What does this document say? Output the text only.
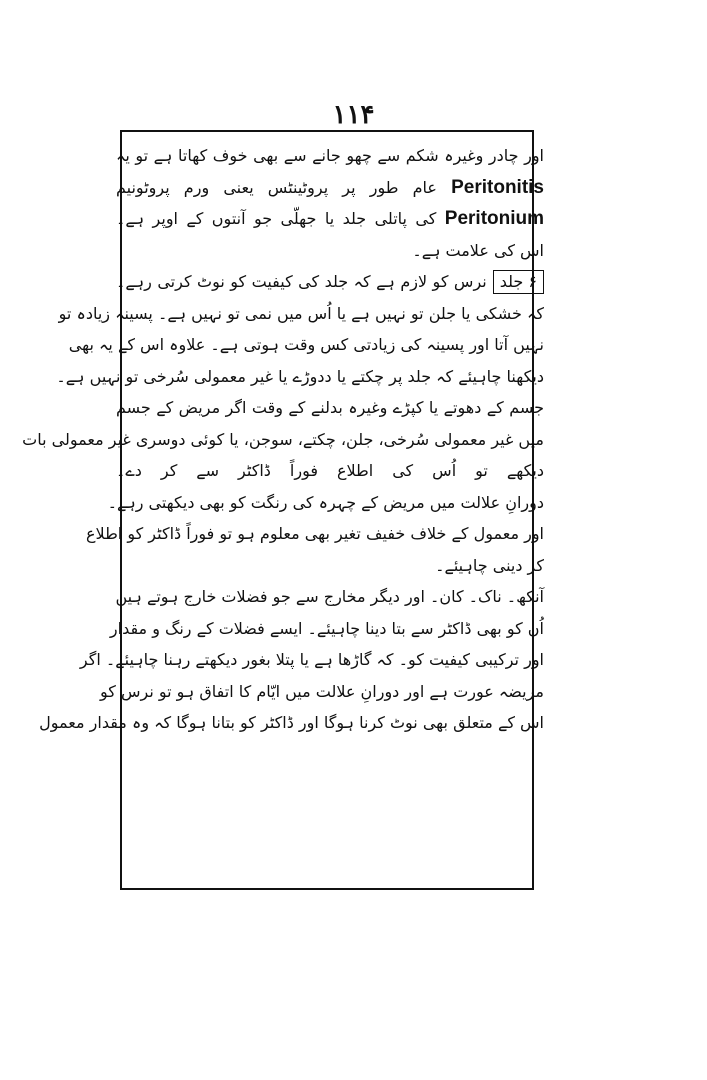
۱۱۴
اور چادر وغیرہ شکم سے چھو جانے سے بھی خوف کھاتا ہے تو یہ
Peritonitis عام طور پر پروٹینٹس یعنی ورم پروٹونیم
Peritonium کی پاتلی جلد یا جھلّی جو آنتوں کے اوپر ہے۔
اس کی علامت ہے۔
۶ جلدنرس کو لازم ہے کہ جلد کی کیفیت کو نوٹ کرتی رہے۔
کہ خشکی یا جلن تو نہیں ہے یا اُس میں نمی تو نہیں ہے۔ پسینہ زیادہ تو
نہیں آتا اور پسینہ کی زیادتی کس وقت ہوتی ہے۔ علاوہ اس کے یہ بھی
دیکھنا چاہیئے کہ جلد پر چکتے یا ددوڑے یا غیر معمولی سُرخی تو نہیں ہے۔
جسم کے دھوتے یا کپڑے وغیرہ بدلنے کے وقت اگر مریض کے جسم
میں غیر معمولی سُرخی، جلن، چکتے، سوجن، یا کوئی دوسری غیر معمولی بات
دیکھے تو اُس کی اطلاع فوراً ڈاکٹر سے کر دے۔
دورانِ علالت میں مریض کے چہرہ کی رنگت کو بھی دیکھتی رہے۔
اور معمول کے خلاف خفیف تغیر بھی معلوم ہو تو فوراً ڈاکٹر کو اطلاع
کر دینی چاہیئے۔
آنکھ۔ ناک۔ کان۔ اور دیگر مخارج سے جو فضلات خارج ہوتے ہیں
اُن کو بھی ڈاکٹر سے بتا دینا چاہیئے۔ ایسے فضلات کے رنگ و مقدار
اور ترکیبی کیفیت کو۔ کہ گاڑھا ہے یا پتلا بغور دیکھتے رہنا چاہیئے۔ اگر
مریضہ عورت ہے اور دورانِ علالت میں ایّام کا اتفاق ہو تو نرس کو
اس کے متعلق بھی نوٹ کرنا ہوگا اور ڈاکٹر کو بتانا ہوگا کہ وہ مقدار معمول
